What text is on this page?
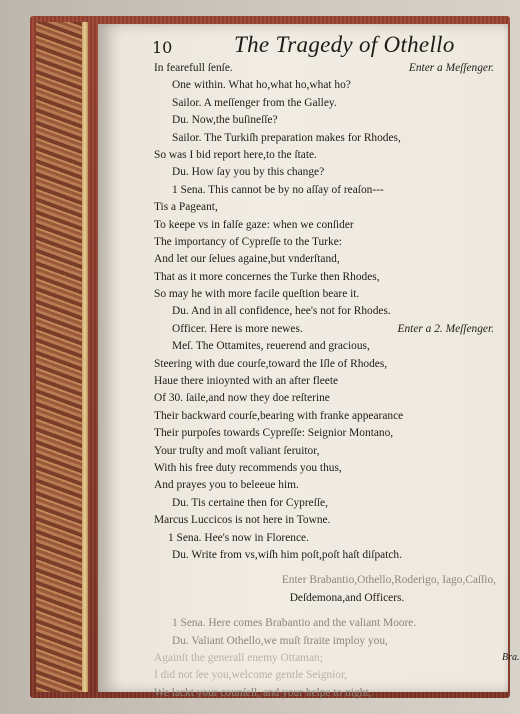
10	The Tragedy of Othello
In fearefull ſenſe.	Enter a Meſſenger.
One within. What ho,what ho,what ho?
Sailor. A meſſenger from the Galley.
Du. Now,the buſineſſe?
Sailor. The Turkiſh preparation makes for Rhodes,
So was I bid report here,to the ſtate.
Du. How ſay you by this change?
1 Sena. This cannot be by no aſſay of reaſon---
Tis a Pageant,
To keepe vs in falſe gaze: when we conſider
The importancy of Cypreſſe to the Turke:
And let our ſelues againe,but vnderſtand,
That as it more concernes the Turke then Rhodes,
So may he with more facile queſtion beare it.
Du. And in all confidence, hee's not for Rhodes.
Officer. Here is more newes.	Enter a 2. Meſſenger.
Meſ. The Ottamites, reuerend and gracious,
Steering with due courſe,toward the Iſle of Rhodes,
Haue there inioynted with an after fleete
Of 30. ſaile,and now they doe reſterine
Their backward courſe,bearing with franke appearance
Their purpoſes towards Cypreſſe: Seignior Montano,
Your truſty and moſt valiant ſeruitor,
With his free duty recommends you thus,
And prayes you to beleeue him.
Du. Tis certaine then for Cypreſſe,
Marcus Luccicos is not here in Towne.
1 Sena. Hee's now in Florence.
Du. Write from vs,wiſh him poſt,poſt haſt diſpatch.
Enter Brabantio,Othello,Roderigo, Iago,Caſſio,
Deſdemona,and Officers.
1 Sena. Here comes Brabantio and the valiant Moore.
Du. Valiant Othello,we muſt ſtraite imploy you,
Againſt the generall enemy Ottaman;
I did not ſee you,welcome gentle Seignior,
We lackt your counſell, and your helpe to night,
Bra.
